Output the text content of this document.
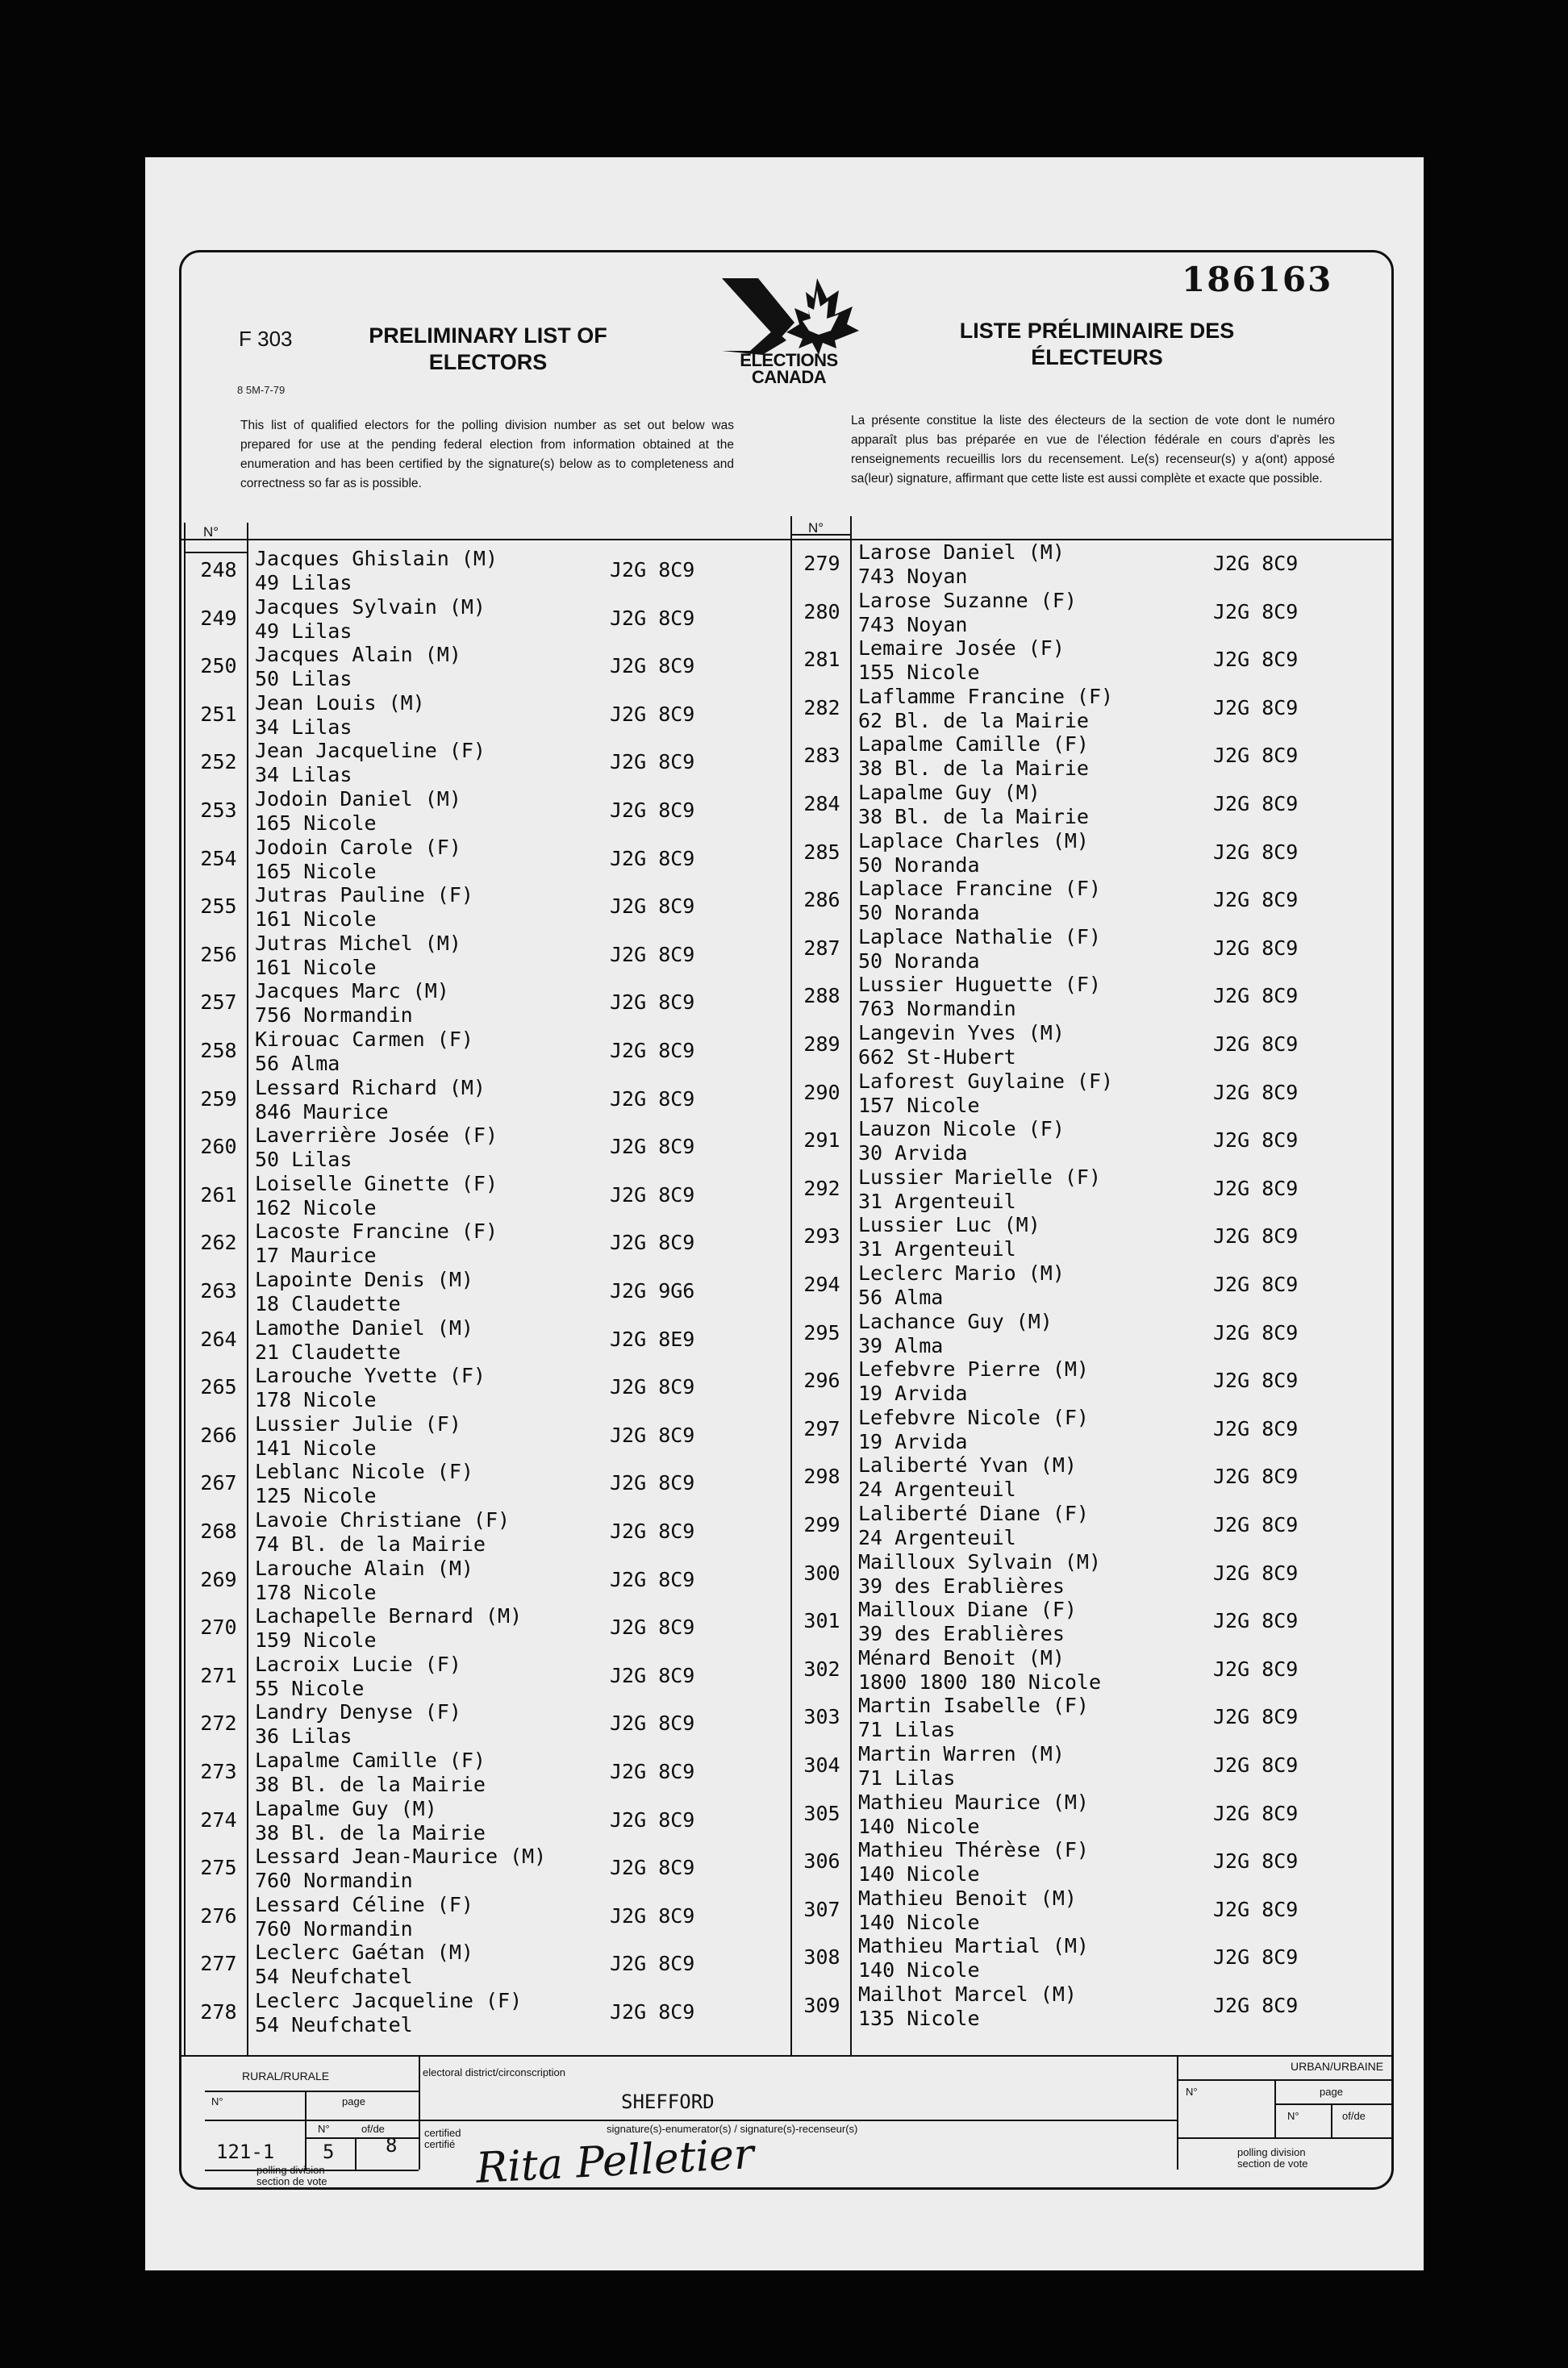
186163
F 303
8 5M-7-79
PRELIMINARY LIST OF
ELECTORS
LISTE PRÉLIMINAIRE DES
ÉLECTEURS
ELECTIONS
CANADA
This list of qualified electors for the polling division number as set out below was prepared for use at the pending federal election from information obtained at the enumeration and has been certified by the signature(s) below as to completeness and correctness so far as is possible.
La présente constitue la liste des électeurs de la section de vote dont le numéro apparaît plus bas préparée en vue de l'élection fédérale en cours d'après les renseignements recueillis lors du recensement. Le(s) recenseur(s) y a(ont) apposé sa(leur) signature, affirmant que cette liste est aussi complète et exacte que possible.
N°	N°
248 Jacques Ghislain (M)
49 Lilas
J2G 8C9
249 Jacques Sylvain (M)
49 Lilas
J2G 8C9
250 Jacques Alain (M)
50 Lilas
J2G 8C9
251 Jean Louis (M)
34 Lilas
J2G 8C9
252 Jean Jacqueline (F)
34 Lilas
J2G 8C9
253 Jodoin Daniel (M)
165 Nicole
J2G 8C9
254 Jodoin Carole (F)
165 Nicole
J2G 8C9
255 Jutras Pauline (F)
161 Nicole
J2G 8C9
256 Jutras Michel (M)
161 Nicole
J2G 8C9
257 Jacques Marc (M)
756 Normandin
J2G 8C9
258 Kirouac Carmen (F)
56 Alma
J2G 8C9
259 Lessard Richard (M)
846 Maurice
J2G 8C9
260 Laverrière Josée (F)
50 Lilas
J2G 8C9
261 Loiselle Ginette (F)
162 Nicole
J2G 8C9
262 Lacoste Francine (F)
17 Maurice
J2G 8C9
263 Lapointe Denis (M)
18 Claudette
J2G 9G6
264 Lamothe Daniel (M)
21 Claudette
J2G 8E9
265 Larouche Yvette (F)
178 Nicole
J2G 8C9
266 Lussier Julie (F)
141 Nicole
J2G 8C9
267 Leblanc Nicole (F)
125 Nicole
J2G 8C9
268 Lavoie Christiane (F)
74 Bl. de la Mairie
J2G 8C9
269 Larouche Alain (M)
178 Nicole
J2G 8C9
270 Lachapelle Bernard (M)
159 Nicole
J2G 8C9
271 Lacroix Lucie (F)
55 Nicole
J2G 8C9
272 Landry Denyse (F)
36 Lilas
J2G 8C9
273 Lapalme Camille (F)
38 Bl. de la Mairie
J2G 8C9
274 Lapalme Guy (M)
38 Bl. de la Mairie
J2G 8C9
275 Lessard Jean-Maurice (M)
760 Normandin
J2G 8C9
276 Lessard Céline (F)
760 Normandin
J2G 8C9
277 Leclerc Gaétan (M)
54 Neufchatel
J2G 8C9
278 Leclerc Jacqueline (F)
54 Neufchatel
J2G 8C9
279 Larose Daniel (M)
743 Noyan
J2G 8C9
280 Larose Suzanne (F)
743 Noyan
J2G 8C9
281 Lemaire Josée (F)
155 Nicole
J2G 8C9
282 Laflamme Francine (F)
62 Bl. de la Mairie
J2G 8C9
283 Lapalme Camille (F)
38 Bl. de la Mairie
J2G 8C9
284 Lapalme Guy (M)
38 Bl. de la Mairie
J2G 8C9
285 Laplace Charles (M)
50 Noranda
J2G 8C9
286 Laplace Francine (F)
50 Noranda
J2G 8C9
287 Laplace Nathalie (F)
50 Noranda
J2G 8C9
288 Lussier Huguette (F)
763 Normandin
J2G 8C9
289 Langevin Yves (M)
662 St-Hubert
J2G 8C9
290 Laforest Guylaine (F)
157 Nicole
J2G 8C9
291 Lauzon Nicole (F)
30 Arvida
J2G 8C9
292 Lussier Marielle (F)
31 Argenteuil
J2G 8C9
293 Lussier Luc (M)
31 Argenteuil
J2G 8C9
294 Leclerc Mario (M)
56 Alma
J2G 8C9
295 Lachance Guy (M)
39 Alma
J2G 8C9
296 Lefebvre Pierre (M)
19 Arvida
J2G 8C9
297 Lefebvre Nicole (F)
19 Arvida
J2G 8C9
298 Laliberté Yvan (M)
24 Argenteuil
J2G 8C9
299 Laliberté Diane (F)
24 Argenteuil
J2G 8C9
300 Mailloux Sylvain (M)
39 des Erablières
J2G 8C9
301 Mailloux Diane (F)
39 des Erablières
J2G 8C9
302 Ménard Benoit (M)
1800 1800 180 Nicole
J2G 8C9
303 Martin Isabelle (F)
71 Lilas
J2G 8C9
304 Martin Warren (M)
71 Lilas
J2G 8C9
305 Mathieu Maurice (M)
140 Nicole
J2G 8C9
306 Mathieu Thérèse (F)
140 Nicole
J2G 8C9
307 Mathieu Benoit (M)
140 Nicole
J2G 8C9
308 Mathieu Martial (M)
140 Nicole
J2G 8C9
309 Mailhot Marcel (M)
135 Nicole
J2G 8C9
RURAL/RURALE
N°	page
N°	of/de
121-1 5	8
polling division
section de vote
electoral district/circonscription
SHEFFORD
certified
certifié
signature(s)-enumerator(s) / signature(s)-recenseur(s)
Rita Pelletier
URBAN/URBAINE
N°	page
N°	of/de
polling division
section de vote
